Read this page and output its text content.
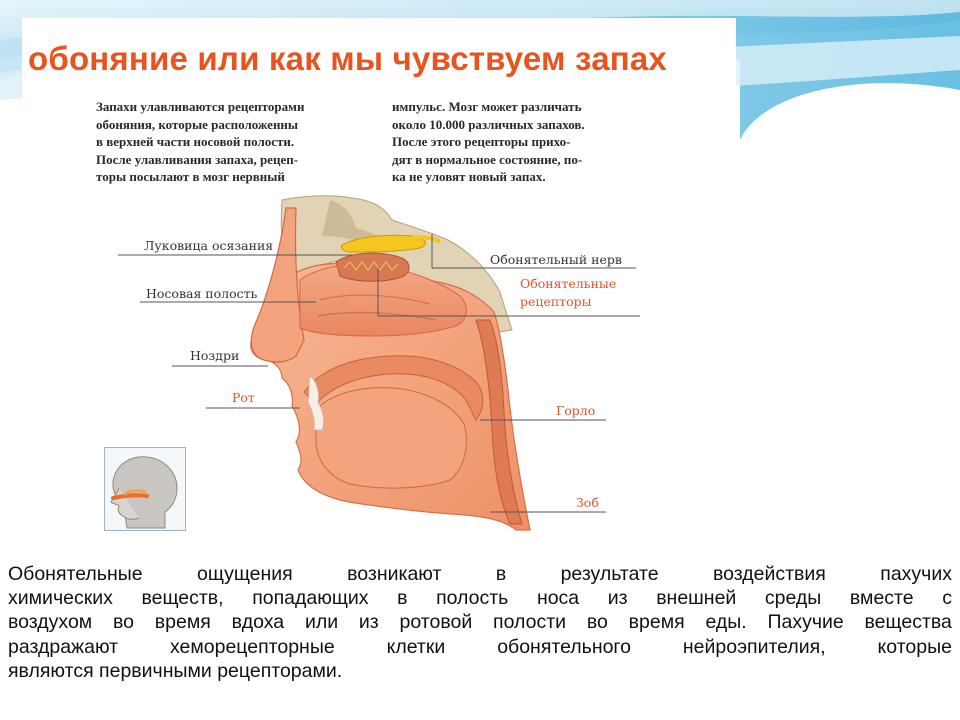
обоняние или как мы чувствуем запах
Запахи улавливаются рецепторами
обоняния, которые расположенны
в верхней части носовой полости.
После улавливания запаха, рецеп-
торы посылают в мозг нервный
импульс. Мозг может различать
около 10.000 различных запахов.
После этого рецепторы прихо-
дят в нормальное состояние, по-
ка не уловят новый запах.
Луковица осязания
Обонятельный нерв
Обонятельные
рецепторы
Носовая полость
Ноздри
Рот
Горло
Зоб
Обонятельные	ощущения	возникают	в	результате	воздействия	пахучих
химических веществ, попадающих в полость носа из внешней среды вместе с
воздухом во время вдоха или из ротовой полости во время еды. Пахучие вещества
раздражают	хеморецепторные	клетки	обонятельного	нейроэпителия,	которые
являются первичными рецепторами.
